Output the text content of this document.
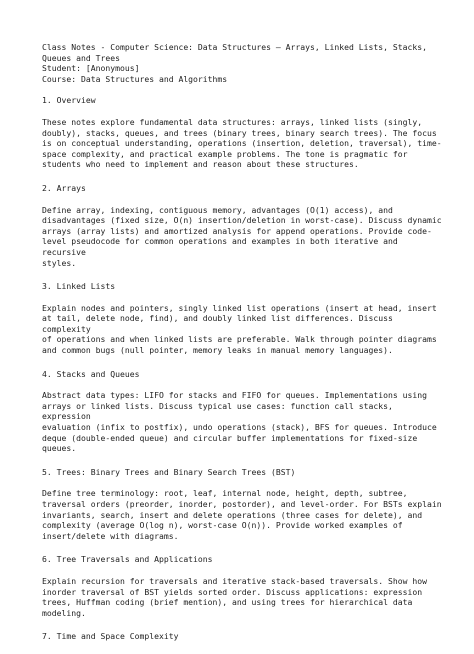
Class Notes - Computer Science: Data Structures — Arrays, Linked Lists, Stacks,
Queues and Trees
Student: [Anonymous]
Course: Data Structures and Algorithms
1. Overview
These notes explore fundamental data structures: arrays, linked lists (singly,
doubly), stacks, queues, and trees (binary trees, binary search trees). The focus
is on conceptual understanding, operations (insertion, deletion, traversal), time-
space complexity, and practical example problems. The tone is pragmatic for
students who need to implement and reason about these structures.
2. Arrays
Define array, indexing, contiguous memory, advantages (O(1) access), and
disadvantages (fixed size, O(n) insertion/deletion in worst-case). Discuss dynamic
arrays (array lists) and amortized analysis for append operations. Provide code-
level pseudocode for common operations and examples in both iterative and recursive
styles.
3. Linked Lists
Explain nodes and pointers, singly linked list operations (insert at head, insert
at tail, delete node, find), and doubly linked list differences. Discuss complexity
of operations and when linked lists are preferable. Walk through pointer diagrams
and common bugs (null pointer, memory leaks in manual memory languages).
4. Stacks and Queues
Abstract data types: LIFO for stacks and FIFO for queues. Implementations using
arrays or linked lists. Discuss typical use cases: function call stacks, expression
evaluation (infix to postfix), undo operations (stack), BFS for queues. Introduce
deque (double-ended queue) and circular buffer implementations for fixed-size
queues.
5. Trees: Binary Trees and Binary Search Trees (BST)
Define tree terminology: root, leaf, internal node, height, depth, subtree,
traversal orders (preorder, inorder, postorder), and level-order. For BSTs explain
invariants, search, insert and delete operations (three cases for delete), and
complexity (average O(log n), worst-case O(n)). Provide worked examples of
insert/delete with diagrams.
6. Tree Traversals and Applications
Explain recursion for traversals and iterative stack-based traversals. Show how
inorder traversal of BST yields sorted order. Discuss applications: expression
trees, Huffman coding (brief mention), and using trees for hierarchical data
modeling.
7. Time and Space Complexity
